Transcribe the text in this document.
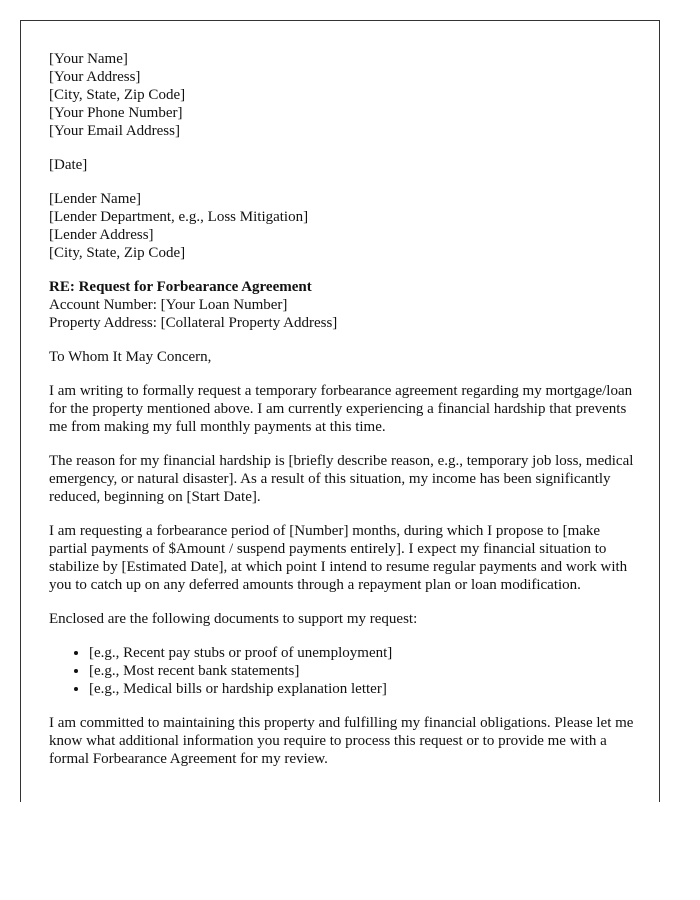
[Your Name]
[Your Address]
[City, State, Zip Code]
[Your Phone Number]
[Your Email Address]

[Date]

[Lender Name]
[Lender Department, e.g., Loss Mitigation]
[Lender Address]
[City, State, Zip Code]

RE: Request for Forbearance Agreement
Account Number: [Your Loan Number]
Property Address: [Collateral Property Address]

To Whom It May Concern,

I am writing to formally request a temporary forbearance agreement regarding my mortgage/loan for the property mentioned above. I am currently experiencing a financial hardship that prevents me from making my full monthly payments at this time.

The reason for my financial hardship is [briefly describe reason, e.g., temporary job loss, medical emergency, or natural disaster]. As a result of this situation, my income has been significantly reduced, beginning on [Start Date].

I am requesting a forbearance period of [Number] months, during which I propose to [make partial payments of $Amount / suspend payments entirely]. I expect my financial situation to stabilize by [Estimated Date], at which point I intend to resume regular payments and work with you to catch up on any deferred amounts through a repayment plan or loan modification.

Enclosed are the following documents to support my request:

• [e.g., Recent pay stubs or proof of unemployment]
• [e.g., Most recent bank statements]
• [e.g., Medical bills or hardship explanation letter]

I am committed to maintaining this property and fulfilling my financial obligations. Please let me know what additional information you require to process this request or to provide me with a formal Forbearance Agreement for my review.
